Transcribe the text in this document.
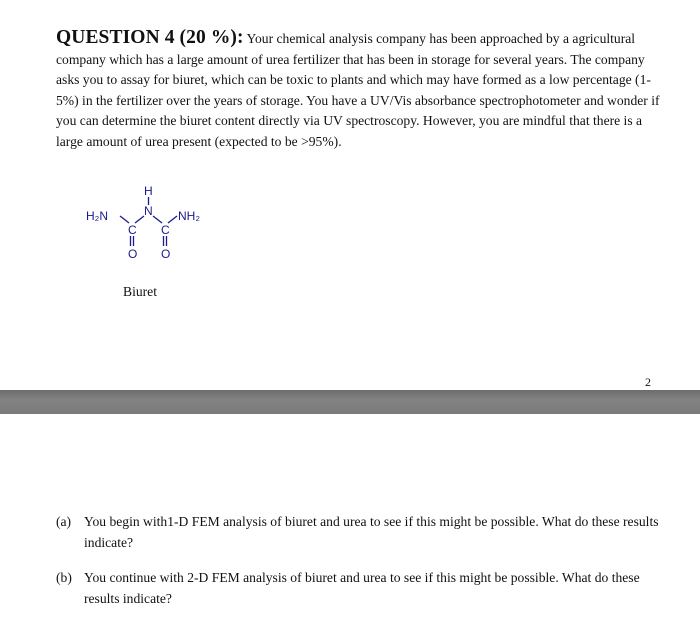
QUESTION 4 (20 %): Your chemical analysis company has been approached by a agricultural company which has a large amount of urea fertilizer that has been in storage for several years. The company asks you to assay for biuret, which can be toxic to plants and which may have formed as a low percentage (1-5%) in the fertilizer over the years of storage. You have a UV/Vis absorbance spectrophotometer and wonder if you can determine the biuret content directly via UV spectroscopy. However, you are mindful that there is a large amount of urea present (expected to be >95%).

H₂N
H
N NH₂
C C
O O
Biuret
2
(a) You begin with1-D FEM analysis of biuret and urea to see if this might be possible. What do these results indicate?
(b) You continue with 2-D FEM analysis of biuret and urea to see if this might be possible. What do these results indicate?
